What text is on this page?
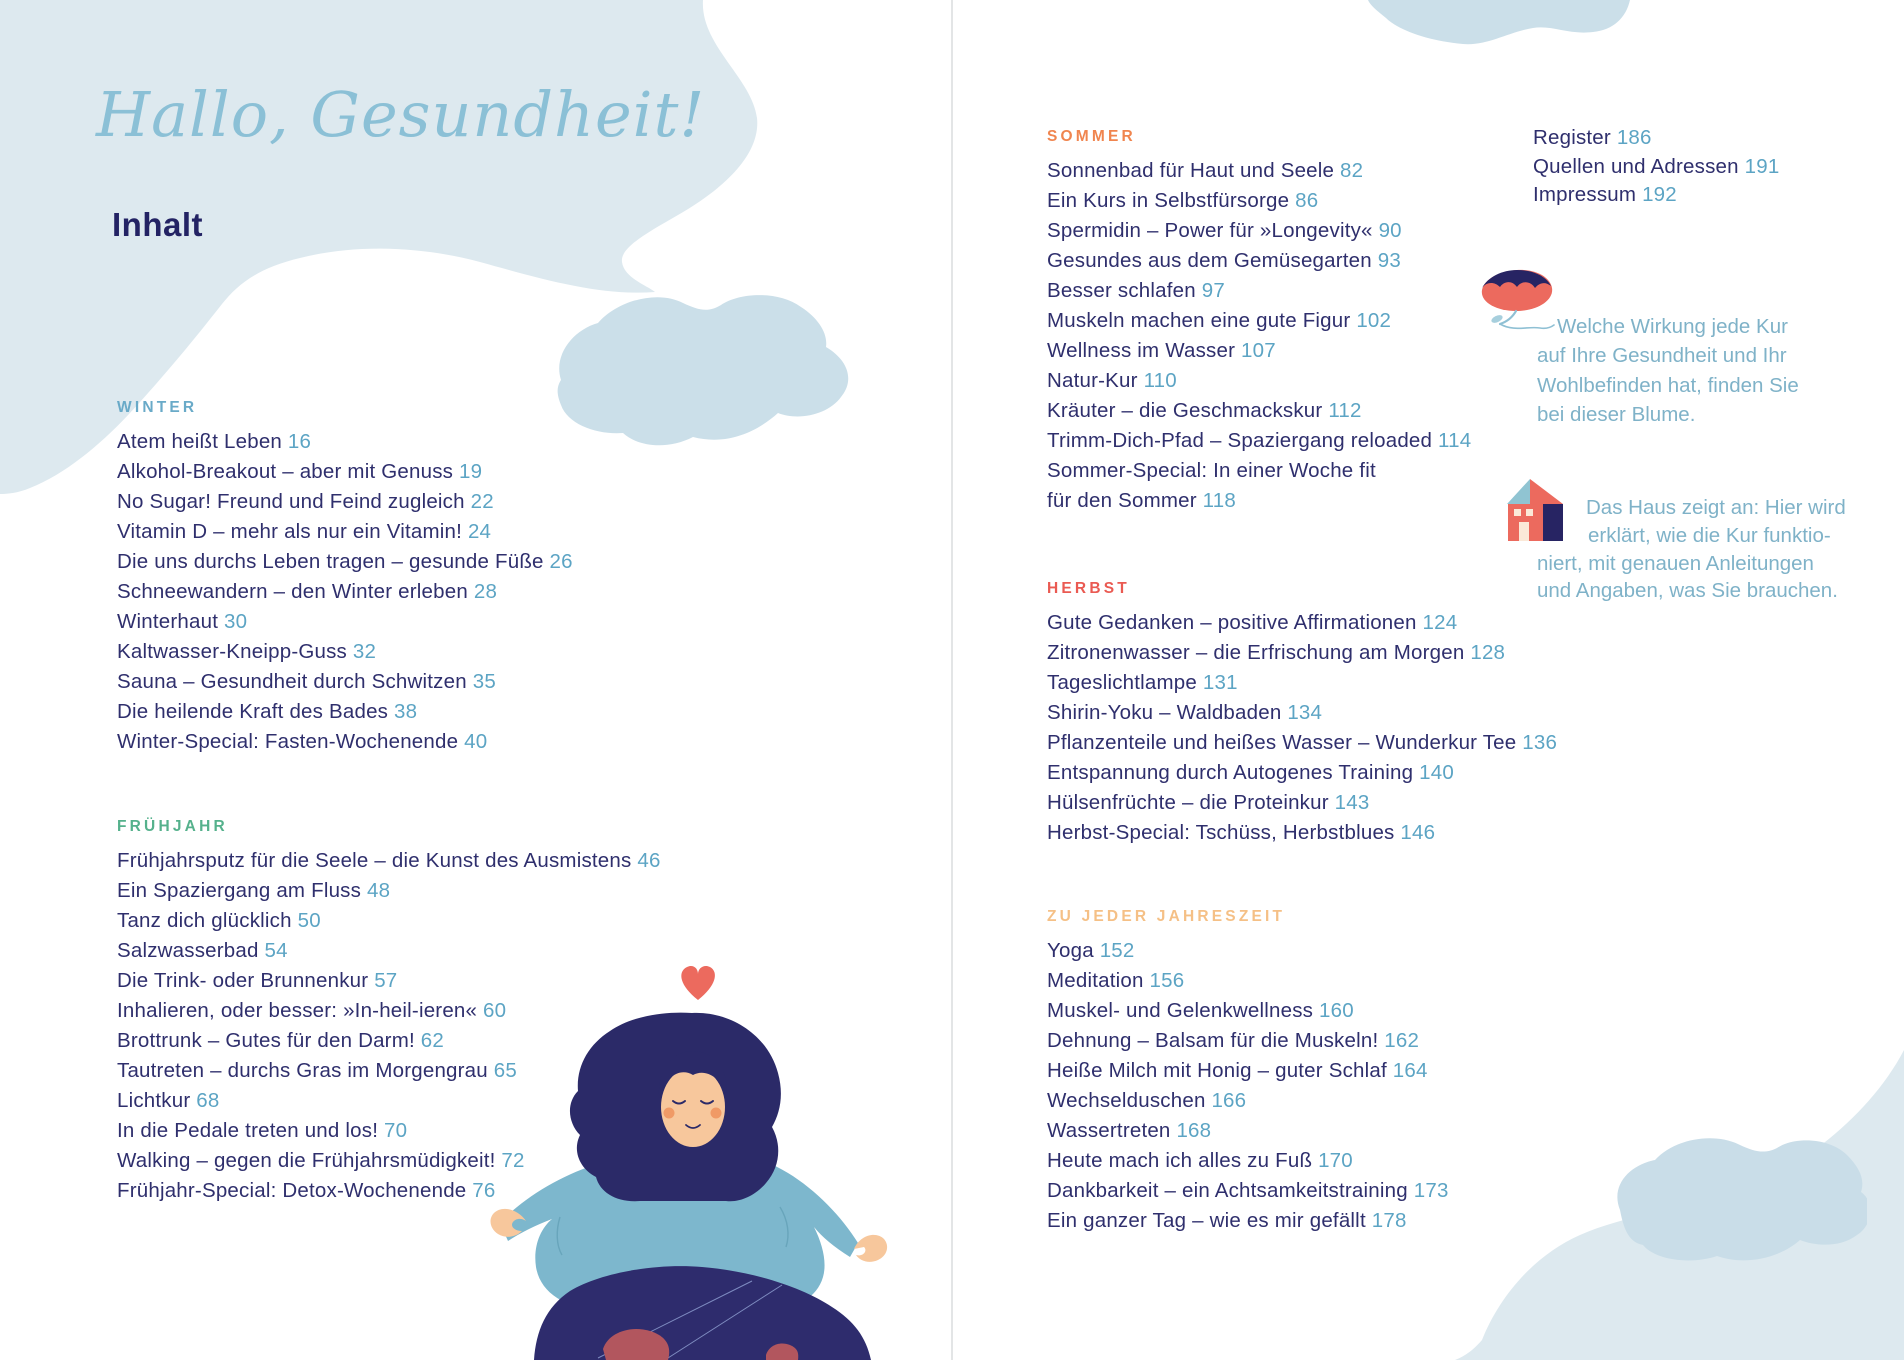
Hallo, Gesundheit!
Inhalt
WINTER
Atem heißt Leben 16
Alkohol-Breakout – aber mit Genuss 19
No Sugar! Freund und Feind zugleich 22
Vitamin D – mehr als nur ein Vitamin! 24
Die uns durchs Leben tragen – gesunde Füße 26
Schneewandern – den Winter erleben 28
Winterhaut 30
Kaltwasser-Kneipp-Guss 32
Sauna – Gesundheit durch Schwitzen 35
Die heilende Kraft des Bades 38
Winter-Special: Fasten-Wochenende 40
FRÜHJAHR
Frühjahrsputz für die Seele – die Kunst des Ausmistens 46
Ein Spaziergang am Fluss 48
Tanz dich glücklich 50
Salzwasserbad 54
Die Trink- oder Brunnenkur 57
Inhalieren, oder besser: »In-heil-ieren« 60
Brottrunk – Gutes für den Darm! 62
Tautreten – durchs Gras im Morgengrau 65
Lichtkur 68
In die Pedale treten und los! 70
Walking – gegen die Frühjahrsmüdigkeit! 72
Frühjahr-Special: Detox-Wochenende 76
SOMMER
Sonnenbad für Haut und Seele 82
Ein Kurs in Selbstfürsorge 86
Spermidin – Power für »Longevity« 90
Gesundes aus dem Gemüsegarten 93
Besser schlafen 97
Muskeln machen eine gute Figur 102
Wellness im Wasser 107
Natur-Kur 110
Kräuter – die Geschmackskur 112
Trimm-Dich-Pfad – Spaziergang reloaded 114
Sommer-Special: In einer Woche fit
für den Sommer 118
HERBST
Gute Gedanken – positive Affirmationen 124
Zitronenwasser – die Erfrischung am Morgen 128
Tageslichtlampe 131
Shirin-Yoku – Waldbaden 134
Pflanzenteile und heißes Wasser – Wunderkur Tee 136
Entspannung durch Autogenes Training 140
Hülsenfrüchte – die Proteinkur 143
Herbst-Special: Tschüss, Herbstblues 146
ZU JEDER JAHRESZEIT
Yoga 152
Meditation 156
Muskel- und Gelenkwellness 160
Dehnung – Balsam für die Muskeln! 162
Heiße Milch mit Honig – guter Schlaf 164
Wechselduschen 166
Wassertreten 168
Heute mach ich alles zu Fuß 170
Dankbarkeit – ein Achtsamkeitstraining 173
Ein ganzer Tag – wie es mir gefällt 178
Register 186
Quellen und Adressen 191
Impressum 192
Welche Wirkung jede Kur
auf Ihre Gesundheit und Ihr
Wohlbefinden hat, finden Sie
bei dieser Blume.
Das Haus zeigt an: Hier wird
erklärt, wie die Kur funktio-
niert, mit genauen Anleitungen
und Angaben, was Sie brauchen.
